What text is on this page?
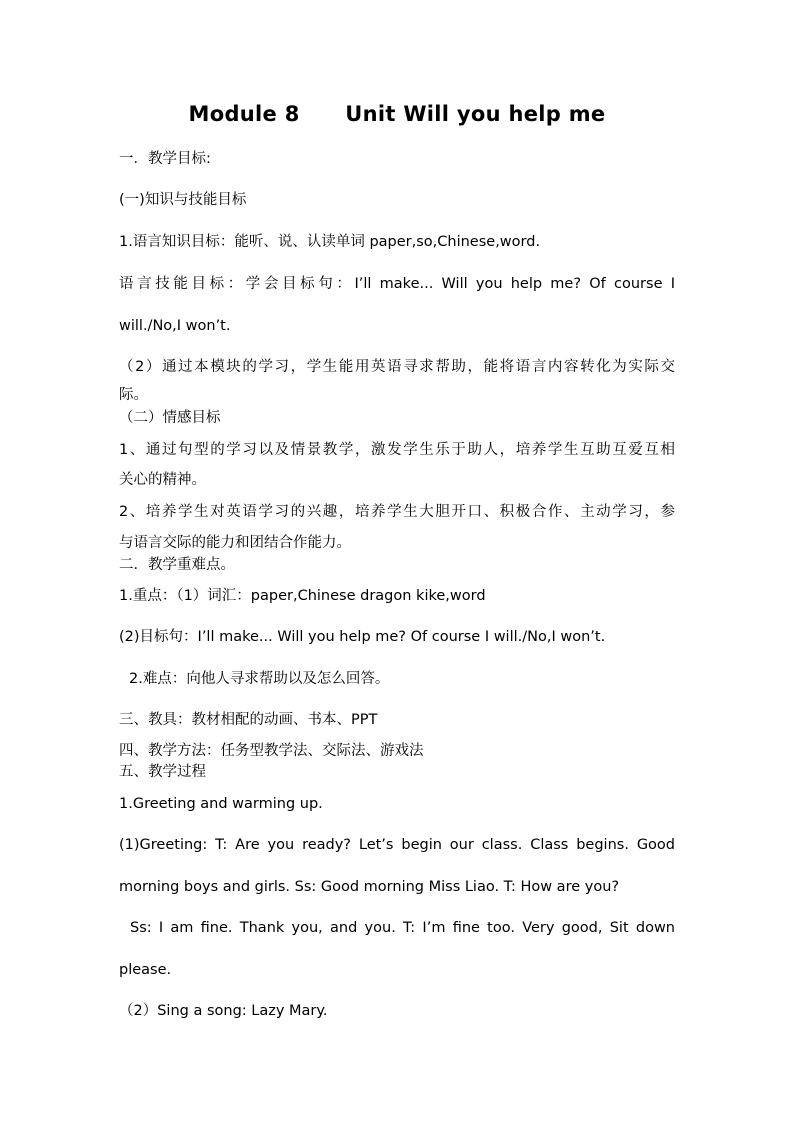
Module 8      Unit Will you help me
一．教学目标:
(一)知识与技能目标
1.语言知识目标：能听、说、认读单词 paper,so,Chinese,word.
语言技能目标：学会目标句：I’ll make... Will you help me? Of course I
will./No,I won’t.
（2）通过本模块的学习，学生能用英语寻求帮助，能将语言内容转化为实际交
际。
（二）情感目标
1、通过句型的学习以及情景教学，激发学生乐于助人，培养学生互助互爱互相
关心的精神。
2、培养学生对英语学习的兴趣，培养学生大胆开口、积极合作、主动学习，参
与语言交际的能力和团结合作能力。
二．教学重难点。
1.重点：（1）词汇：paper,Chinese dragon kike,word
(2)目标句：I’ll make... Will you help me? Of course I will./No,I won’t.
2.难点：向他人寻求帮助以及怎么回答。
三、教具：教材相配的动画、书本、PPT
四、教学方法：任务型教学法、交际法、游戏法
五、教学过程
1.Greeting and warming up.
(1)Greeting: T: Are you ready? Let’s begin our class. Class begins. Good
morning boys and girls. Ss: Good morning Miss Liao. T: How are you?
Ss: I am fine. Thank you, and you. T: I’m fine too. Very good, Sit down
please.
（2）Sing a song: Lazy Mary.
